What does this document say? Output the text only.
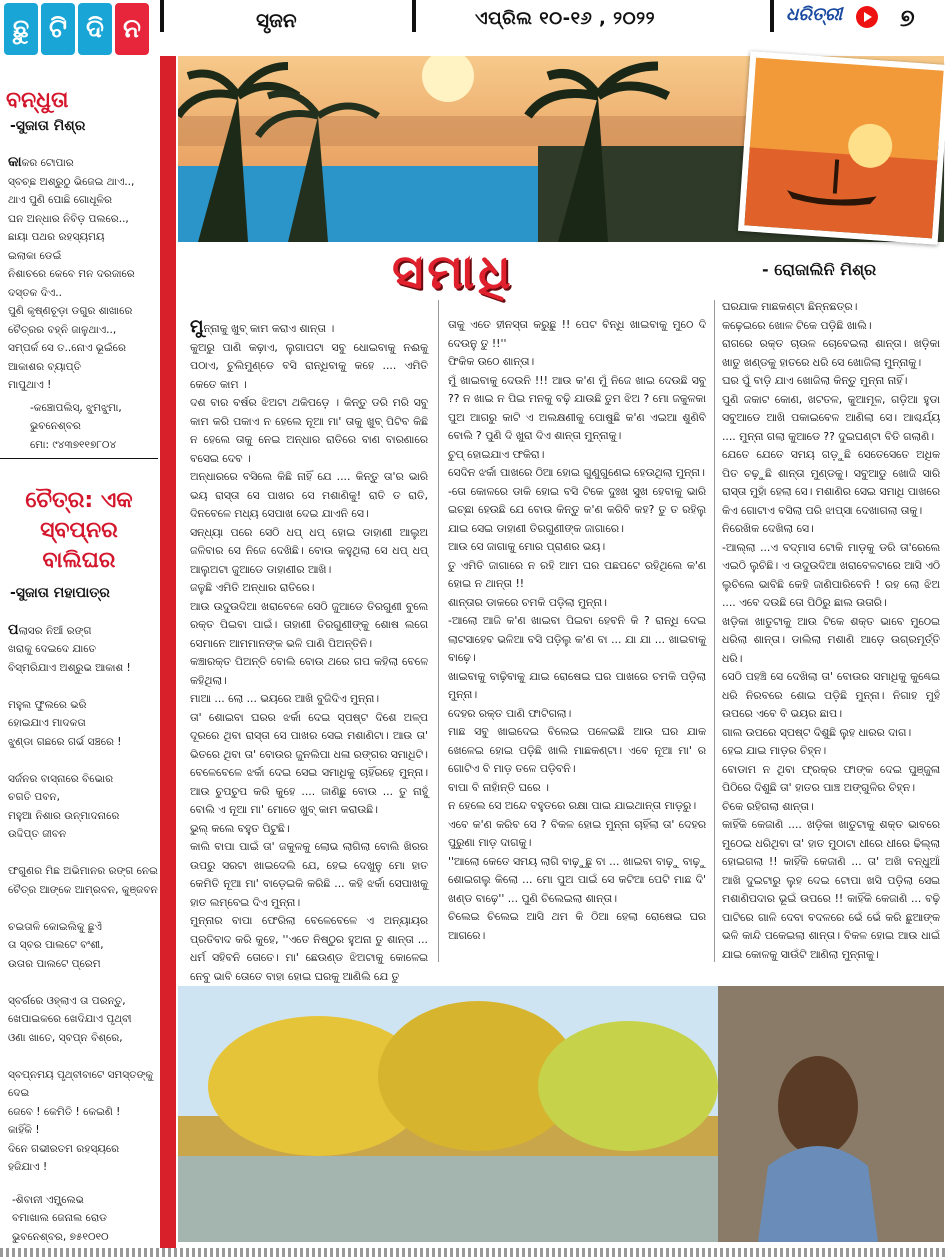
ଛୁ ଟି ଦି ନ	ସୃଜନ	ଏପ୍ରିଲ ୧୦-୧୬ , ୨୦୨୨	ଧରିତ୍ରୀ ୭
ବନ୍ଧୁତା
-ସୁଜାତା ମିଶ୍ର
କାକର ଟୋପାର
ସ୍ବଚ୍ଛ ଅଶ୍ରୁଠୁ ଭିଜେଇ ଥାଏ..,
ଥାଏ ପୁଣି ପୋଛି ଗୋଧୂଳିର
ଘନ ଅନ୍ଧାର ନିବିଡ଼ ପଲରେ..,
ଛାୟା ପଥର ରହସ୍ୟମୟ
ଇଲାକା ଡେଇଁ
ନିଶାଚରେ କେବେ ମନ ଦରଜାରେ
ଦସ୍ତକ ଦିଏ..
ପୁଣି କୃଷ୍ଣଚୂଡ଼ା ଡଗୁର ଶାଖାରେ
ଚୈତ୍ରର ବହ୍ନି ଜାଳୁଥାଏ..,
ସମ୍ପର୍କ ସେ ତ..ନୋଏ ଭୂଇଁରେ
ଆକାଶର ବ୍ୟାପ୍ତି
ମାପୁଥାଏ !
-କଞ୍ଚୋପଲିସ୍, ଝୁମଝୁମା,
ଭୁବନେଶ୍ବର
ମୋ: ୯୪୩୭୧୧୭୮୦୪
ଚୈତ୍ର: ଏକ ସ୍ବପ୍ନର ବାଲିଘର
-ସୁଜାତା ମହାପାତ୍ର
ପଲାସର ନିଆଁ ରଙ୍ଗ
ଖରାକୁ ଦେଇଦେ ଯାତେ
ବିସ୍ମରିଯାଏ ଅଶ୍ରୁଭ ଆକାଶ !

ମହୁଲ ଫୁଲରେ ଭରି
ହୋଇଯାଏ ମାଦକତା
ଝୁଣ୍ଡା ଗଛରେ ଗର୍ଭ ସଞ୍ଚରେ !

ସର୍ଜନର ବାସ୍ନାରେ ବିଭୋର
ଚଗତି ପବନ,
ମହୁଆ ନିଶାର ଉନ୍ମାଦନାରେ
ଉଦ୍ଦିପ୍ତ ଜୀବନ

ଫଗୁଣର ମିଛ ଅଭିମାନର ରଙ୍ଗ ନେଇ
ଚୈତ୍ର ଆଙ୍କେ ଆମ୍ରବନ, କୁଞ୍ଜବନ

ଚଇତାଳି କୋଇଲିକୁ ଛୁଏଁ
ତା ସ୍ବର ପାଲଟେ ବଂଶୀ,
ଉତାର ପାଲଟେ ପ୍ରେମ

ସ୍ବର୍ଗରେ ଓହ୍ଲାଏ ତା ପରନ୍ତୁ,
ଖେପାଇକରେ ଖେଦିଯାଏ ପୃଥ୍ବୀ
ଓଣା ଖାତେ, ସ୍ବପ୍ନ ବିଶ୍ରେ,

ସ୍ବପ୍ନମୟ ପୃଥ୍ବୀବାଟେ ସମସ୍ତଙ୍କୁ ଦେଇ
ଜେବେ ! କେମିତି ! କେଇଣି !
କାହିଁକି !
ଦିନେ ଗଭୀରତମ ରହସ୍ୟରେ
ହଜିଯାଏ !
-ଶିବାନୀ ଏମ୍କ୍ଲେଭ
ବମାଖାଲ ଜେନାଲ ରୋଡ
ଭୁବନେଶ୍ବର, ୭୫୧୦୧୦

ସମାଧି	- ରୋଜାଲିନି ମିଶ୍ର
ମୁନ୍ନାକୁ ଖୁବ୍ କାମ କରାଏ ଶାନ୍ତା ।
କୁଅରୁ ପାଣି କଢ଼ାଏ, ଲୁଗାପଟା ସବୁ ଧୋଇବାକୁ ନଈକୁ ପଠାଏ, ଚୁଲିମୁଣ୍ଡେ ବସି ରାନ୍ଧିବାକୁ କହେ .... ଏମିତି କେତେ କାମ ।
ଦଶ ବାର ବର୍ଷର ଝିଅଟା ଥକିପଡ଼େ । କିନ୍ତୁ ଡରି ମରି ସବୁ କାମ କରି ପକାଏ ନ ହେଲେ ନୂଆ ମା' ତାକୁ ଖୁବ୍ ପିଟିବ କିଛି ନ ହେଲେ ତାକୁ ନେଇ ଅନ୍ଧାର ରାତିରେ ବାଣ ବାରଣାରେ ବସେଇ ଦେବ ।
ଅନ୍ଧାରରେ ବସିଲେ କିଛି ନାହିଁ ଯେ .... କିନ୍ତୁ ତା'ର ଭାରି ଭୟ ରାସ୍ତା ସେ ପାଖର ସେ ମଶାଣିକୁ! ରାତି ତ ରାତି, ଦିନବେଳେ ମଧ୍ୟ ସେପାଖ ଦେଇ ଯାଏନି ସେ।
ସନ୍ଧ୍ୟା ପରେ ସେଠି ଧପ୍ ଧପ୍ ହୋଇ ଡାହାଣୀ ଆଲୁଅ ଜଳିବାର ସେ ନିଜେ ଦେଖିଛି। ବୋଉ କହୁଥିଲା ସେ ଧପ୍ ଧପ୍ ଆଲୁଅଟା ଜୁଆଡେ ଡାହାଣୀର ଆଖି।
ଜଳୁଛି ଏମିତି ଅନ୍ଧାର ରାତିରେ।
ଆଉ ଉଦୁଉଦିଆ ଖରାବେଳେ ସେଠି ଜୁଆଡେ ତିରଗୁଣୀ ବୁଲେ ରକ୍ତ ପିଇବା ପାଇଁ। ତାହାଣୀ ତିରଗୁଣୀଙ୍କୁ ଶୋଷ ଲଗେ ସେମାନେ ଆମମାନଙ୍କ ଭଳି ପାଣି ପିଅନ୍ତିନି।
କଞ୍ଚାରକ୍ତ ପିଅନ୍ତି ବୋଲି ବୋଉ ଥରେ ଗପ କହିଲା ବେଳେ କହିଥିଲା।
ମାଆ ... ଲୋ ... ଭୟରେ ଆଖି ବୁଜିଦିଏ ମୁନ୍ନା।
ତା' ଶୋଇବା ଘରର ଝର୍କା ଦେଇ ସ୍ପଷ୍ଟ ଦିଶେ ଅଳ୍ପ ଦୂରରେ ଥିବା ରାସ୍ତା ସେ ପାଖର ସେଇ ମଶାଣିଟା। ଆଉ ତା' ଭିତରେ ଥିବା ତା' ବୋଉର ଜୁନଲିପା ଧଳା ରଙ୍ଗର ସମାଧିଟି।
ବେଳେବେଳେ ଝର୍କା ଦେଇ ସେଇ ସମାଧିକୁ ଚାହିଁରହେ ମୁନ୍ନା। ଆଉ ଚୁପଚୁପ କରି କୁହେ .... ଜାଣିଛୁ ବୋଉ ... ତୁ ନାହୁଁ ବୋଲି ଏ ନୂଆ ମା' ମୋତେ ଖୁବ୍ କାମ କରାଉଛି।
ଭୁଲ୍ କଲେ ବହୁତ ପିଟୁଛି।
କାଲି ବାପା ପାଇଁ ତା' ଜକୁଳକୁ ଲୋଭ ଲାଗିଲା ବୋଲି ଖିରର ଉପରୁ ସରଟା ଖାଇଦେଲି ଯେ, ହେଇ ଦେଖୁନୁ ମୋ ହାତ କେମିତି ନୂଆ ମା' ବାଡ଼େଇକି କରିଛି ... କହି ଝର୍କା ସେପାଖକୁ ହାତ ଲମ୍ବେଇ ଦିଏ ମୁନ୍ନା।
ମୁନ୍ନାର ବାପା ଫେରିଲା ବେଳେବେଳେ ଏ ଅନ୍ୟାୟର ପ୍ରତିବାଦ କରି କୁହେ, ''ଏତେ ନିଷ୍ଠୁର ହୁଅନା ତୁ ଶାନ୍ତା ... ଧର୍ମ ସହିବନି ତୋତେ। ମା' ଛେଉଣ୍ଡ ଝିଅଟାକୁ କୋଳେଇ ନେବୁ ଭାବି ତୋତେ ବାହା ହୋଇ ଘରକୁ ଆଣିଲି ଯେ ତୁ
ତାକୁ ଏତେ ହୀନସ୍ତା କରୁଛୁ !! ପେଟ ବିନ୍ଧି ଖାଇବାକୁ ମୁଠେ ଦି ଦେଉନୁ ତୁ !!''
ଫିକିକ ଉଠେ ଶାନ୍ତା।
ମୁଁ ଖାଇବାକୁ ଦେଉନି !!! ଆଉ କ'ଣ ମୁଁ ନିଜେ ଖାଇ ଦେଉଛି ସବୁ ?? ନ ଖାଇ ନ ପିଇ ମନକୁ ବଢ଼ି ଯାଉଛି ତୁମ ଝିଅ ? ମୋ ଜକୁଳକା ପୁଅ ଆଗରୁ କାଟି ଏ ଅଲକ୍ଷଣୀକୁ ପୋଷୁଛି କ'ଣ ଏଇଆ ଶୁଣିବି ବୋଲି ? ପୁଣି ଦି ଖୁରା ଦିଏ ଶାନ୍ତା ମୁନ୍ନାକୁ।
ଚୁପ୍ ହୋଇଯାଏ ଫକିରା।
ସେଦିନ ଝର୍କା ପାଖରେ ଠିଆ ହୋଇ ଗୁଣୁଗୁଣେଇ ହେଉଥିଲା ମୁନ୍ନା।
-ତୋ କୋଳରେ ଡାକି ହୋଇ ବସି ଟିକେ ଦୁଃଖ ସୁଖ ହେବାକୁ ଭାରି ଇଚ୍ଛା ହେଉଛି ଯେ ବୋଉ କିନ୍ତୁ କ'ଣ କରିବି କହ? ତୁ ତ ରହିଲୁ ଯାଇ ସେଇ ଡାହାଣୀ ତିରଗୁଣୀଙ୍କ ଜାଗାରେ।
ଆଉ ସେ ଜାଗାକୁ ମୋର ପ୍ରାଣର ଭୟ।
ତୁ ଏମିତି ଜାଗାରେ ନ ରହି ଆମ ଘର ପଛପଟେ ରହିଥିଲେ କ'ଣ ହୋଇ ନ ଥାନ୍ତା !!
ଶାନ୍ତାର ଡାକରେ ଚମକି ପଡ଼ିଲା ମୁନ୍ନା।
-ଆଲୋ ଆଜି କ'ଣ ଖାଇବା ପିଇବା ହେବନି କି ? ରାନ୍ଧି ଦେଇ ଲାଟସାହେବ ଭଳିଆ ବସି ପଡ଼ିଲୁ କ'ଣ ବା ... ଯା ଯା ... ଖାଇବାକୁ ବାଢ଼େ।
ଖାଇବାକୁ ବାଢ଼ିବାକୁ ଯାଇ ରୋଷେଇ ଘର ପାଖରେ ଚମକି ପଡ଼ିଲା ମୁନ୍ନା।
ଦେହର ରକ୍ତ ପାଣି ଫାଟିଗଲା।
ମାଛ ସବୁ ଖାଇଦେଇ ବିଲେଇ ପଳେଇଛି ଆଉ ଘର ଯାକ ଖେଳେଇ ହୋଇ ପଡ଼ିଛି ଖାଲି ମାଛକଣ୍ଟା। ଏବେ ନୂଆ ମା' ର ଗୋଟିଏ ବି ମାଡ଼ ତଳେ ପଡ଼ିବନି।
ବାପା ବି ନାହାଁନ୍ତି ଘରେ ।
ନ ହେଲେ ସେ ଅନ୍ଦେ ବହୁତରେ ରକ୍ଷା ପାଇ ଯାଇଥାନ୍ତା ମାଡ଼ରୁ।
ଏବେ କ'ଣ କରିବ ସେ ? ବିକଳ ହୋଇ ମୁନ୍ନା ଚାହିଁଲା ତା' ଦେହର ପୁରୁଣା ମାଡ଼ ଦାଗକୁ।
''ଆଲୋ କେତେ ସମୟ ଲାଗି ବାଢ଼ୁଛୁ ବା ... ଖାଇବା ବାଢ଼ୁ ବାଢ଼ୁ ଶୋଇଗଲୁ କିଲୋ ... ମୋ ପୁଅ ପାଇଁ ସେ କଟିଆ ପେଟି ମାଛ ଦି' ଖଣ୍ଡ ବାଢ଼େ'' ... ପୁଣି ଚିଲେଇଲା ଶାନ୍ତା।
ଚିଲେଇ ଚିଲେଇ ଆସି ଥମ କି ଠିଆ ହେଲା ରୋଷେଇ ଘର ଆଗରେ।
ଘରଯାକ ମାଛକଣ୍ଟା ଛିନ୍ନଛତ୍ର।
କଢ଼େଇରେ ଖୋଳ ଟିକେ ପଡ଼ିଛି ଖାଲି।
ରାଗରେ ରକ୍ତ ଚାଉଳ ଚୋବେଇଲା ଶାନ୍ତା। ଖଡ଼ିକା ଖାତୁ ଖଣ୍ଡକୁ ହାତରେ ଧରି ସେ ଖୋଜିଲା ମୁନ୍ନାକୁ।
ଘର ପୁଁ ବାଡ଼ି ଯାଏ ଖୋଜିଲା କିନ୍ତୁ ମୁନ୍ନା ନାହିଁ।
ପୁଣି ଜକାଟ କୋଣ, ଖଟତଳ, କୁଆମୂଳ, ଗଡ଼ିଆ ହୁଡା ସବୁଆଡେ ଆଖି ପକାଇବେଳ ଆଣିଲା ସେ। ଆଶ୍ଚର୍ଯ୍ୟ .... ମୁନ୍ନା ଗଲା କୁଆଡେ ?? ଦୁଇଘଣ୍ଟା ବିତି ଗଲାଣି।
ଯେତେ ଯେତେ ସମୟ ଗଡ଼ୁଛି ସେତେସେତେ ଅଧିକ ପିତ ଚଢ଼ୁଛି ଶାନ୍ତା ମୁଣ୍ଡକୁ। ସବୁଆଡୁ ଖୋଜି ସାରି ରାସ୍ତା ମୁହାଁ ହେଲା ସେ। ମଶାଣିର ସେଇ ସମାଧି ପାଖରେ କିଏ ଗୋଟାଏ ବସିଲା ପରି ଝାପ୍ସା ଦେଖାଗଲା ତାକୁ।
ନିରେଖିକ ଦେଖିଲା ସେ।
-ଆଲ୍ଲା ...ଏ ବଦ୍ମାସ ଟୋକି ମାଡ଼କୁ ଡରି ତା'ରେଲେ ଏଇଠି ଲୁଚିଛି। ଏ ଉଦୁଉଦିଆ ଖରାବେଳଟାରେ ଆସି ଏଠି ଲୁଚିଲେ ଭାବିଛି କେହି ଜାଣିପାରିବେନି ! ରହ ଲୋ ଝିଅ .... ଏବେ ଦଉଛି ତୋ ପିଠିରୁ ଛାଲ ଉତାରି।
ଖଡ଼ିକା ଖାତୁଟାକୁ ଆଉ ଟିକେ ଶକ୍ତ ଭାବେ ମୁଠେଇ ଧରିଲା ଶାନ୍ତା। ଡାଲିଲା ମଶାଣି ଆଡ଼େ ଉଗ୍ରମୂର୍ତ୍ତି ଧରି।
ସେଠି ପହଞ୍ଚି ସେ ଦେଖିଲା ତା' ବୋଉର ସମାଧିକୁ କୁଣ୍ଢେଇ ଧରି ନିରବରେ ଶୋଇ ପଡ଼ିଛି ମୁନ୍ନା। ନିଗାହ ମୁହଁ ଉପରେ ଏବେ ବି ଭୟର ଛାପ।
ଗାଲ ଉପରେ ସ୍ପଷ୍ଟ ଦିଶୁଛି ଲୁହ ଧାରର ଦାଗ।
ହେଇ ଯାଇ ମାଡ଼ର ଚିହ୍ନ।
ବୋଡାମ ନ ଥିବା ଫ୍ରକ୍ର ଫାଙ୍କ ଦେଇ ପୁଞ୍ଜୁଳା ପିଠିରେ ଦିଶୁଛି ତା' ହାତର ପାଞ୍ଚ ଅଙ୍ଗୁଳିର ଚିହ୍ନ।
ଚିକେ ରହିଗଲା ଶାନ୍ତା।
କାହିଁକି କେଜାଣି .... ଖଡ଼ିକା ଖାତୁଟାକୁ ଶକ୍ତ ଭାବରେ ମୁଠେଇ ଧରିଥିବା ତା' ହାତ ମୁଠାଟା ଧୀରେ ଧୀରେ ଢିଲ୍ଲା ହୋଇଗଲା !! କାହିଁକି କେଜାଣି ... ତା' ଅଖି ବନ୍ଧୁଆଁ ଆଖି ଦୁଇଟାରୁ ଲୁହ ଦେଇ ଟୋପା ଖସି ପଡ଼ିଲା ସେଇ ମଶାଣିପଦାର ଭୂଇଁ ଉପରେ !! କାହିଁକି କେଜାଣି ... ବଢ଼ି ପାଟିରେ ଗାଳି ଦେବା ବଦଳରେ ଭେଁ ଭେଁ କରି ଛୁଆଙ୍କ ଭଳି କାନ୍ଦି ପକେଇଲା ଶାନ୍ତା। ବିକଳ ହୋଇ ଆଉ ଧାଇଁ ଯାଇ କୋଳକୁ ସାଉଁଟି ଆଣିଲା ମୁନ୍ନାକୁ।
